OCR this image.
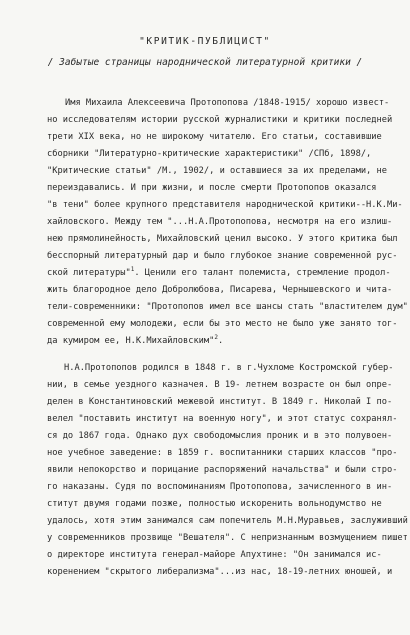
"КРИТИК-ПУБЛИЦИСТ"
/ Забытые страницы народнической литературной критики /
Имя Михаила Алексеевича Протопопова /1848-1915/ хорошо извест-
но исследователям истории русской журналистики и критики последней
трети XIX века, но не широкому читателю. Его статьи, составившие
сборники "Литературно-критические характеристики" /СПб, 1898/,
"Критические статьи" /М., 1902/, и оставшиеся за их пределами, не
переиздавались. И при жизни, и после смерти Протопопов оказался
"в тени" более крупного представителя народнической критики--Н.К.Ми-
хайловского. Между тем "...Н.А.Протопопова, несмотря на его излиш-
нею прямолинейность, Михайловский ценил высоко. У этого критика был
бесспорный литературный дар и было глубокое знание современной рус-
ской литературы"$^1$. Ценили его талант полемиста, стремление продол-
жить благородное дело Добролюбова, Писарева, Чернышевского и чита-
тели-современники: "Протопопов имел все шансы стать "властителем дум"
современной ему молодежи, если бы это место не было уже занято тог-
да кумиром ее, Н.К.Михайловским"$^2$.
Н.А.Протопопов родился в 1848 г. в г.Чухломе Костромской губер-
нии, в семье уездного казначея. В 19- летнем возрасте он был опре-
делен в Константиновский межевой институт. В 1849 г. Николай I по-
велел "поставить институт на военную ногу", и этот статус сохранял-
ся до 1867 года. Однако дух свободомыслия проник и в это полувоен-
ное учебное заведение: в 1859 г. воспитанники старших классов "про-
явили непокорство и порицание распоряжений начальства" и были стро-
го наказаны. Судя по воспоминаниям Протопопова, зачисленного в ин-
ститут двумя годами позже, полностью искоренить вольнодумство не
удалось, хотя этим занимался сам попечитель М.Н.Муравьев, заслуживший
у современников прозвище "Вешателя". С непризнанным возмущением пишет
о директоре института генерал-майоре Апухтине: "Он занимался ис-
коренением "скрытого либерализма"...из нас, 18-19-летних юношей, и
